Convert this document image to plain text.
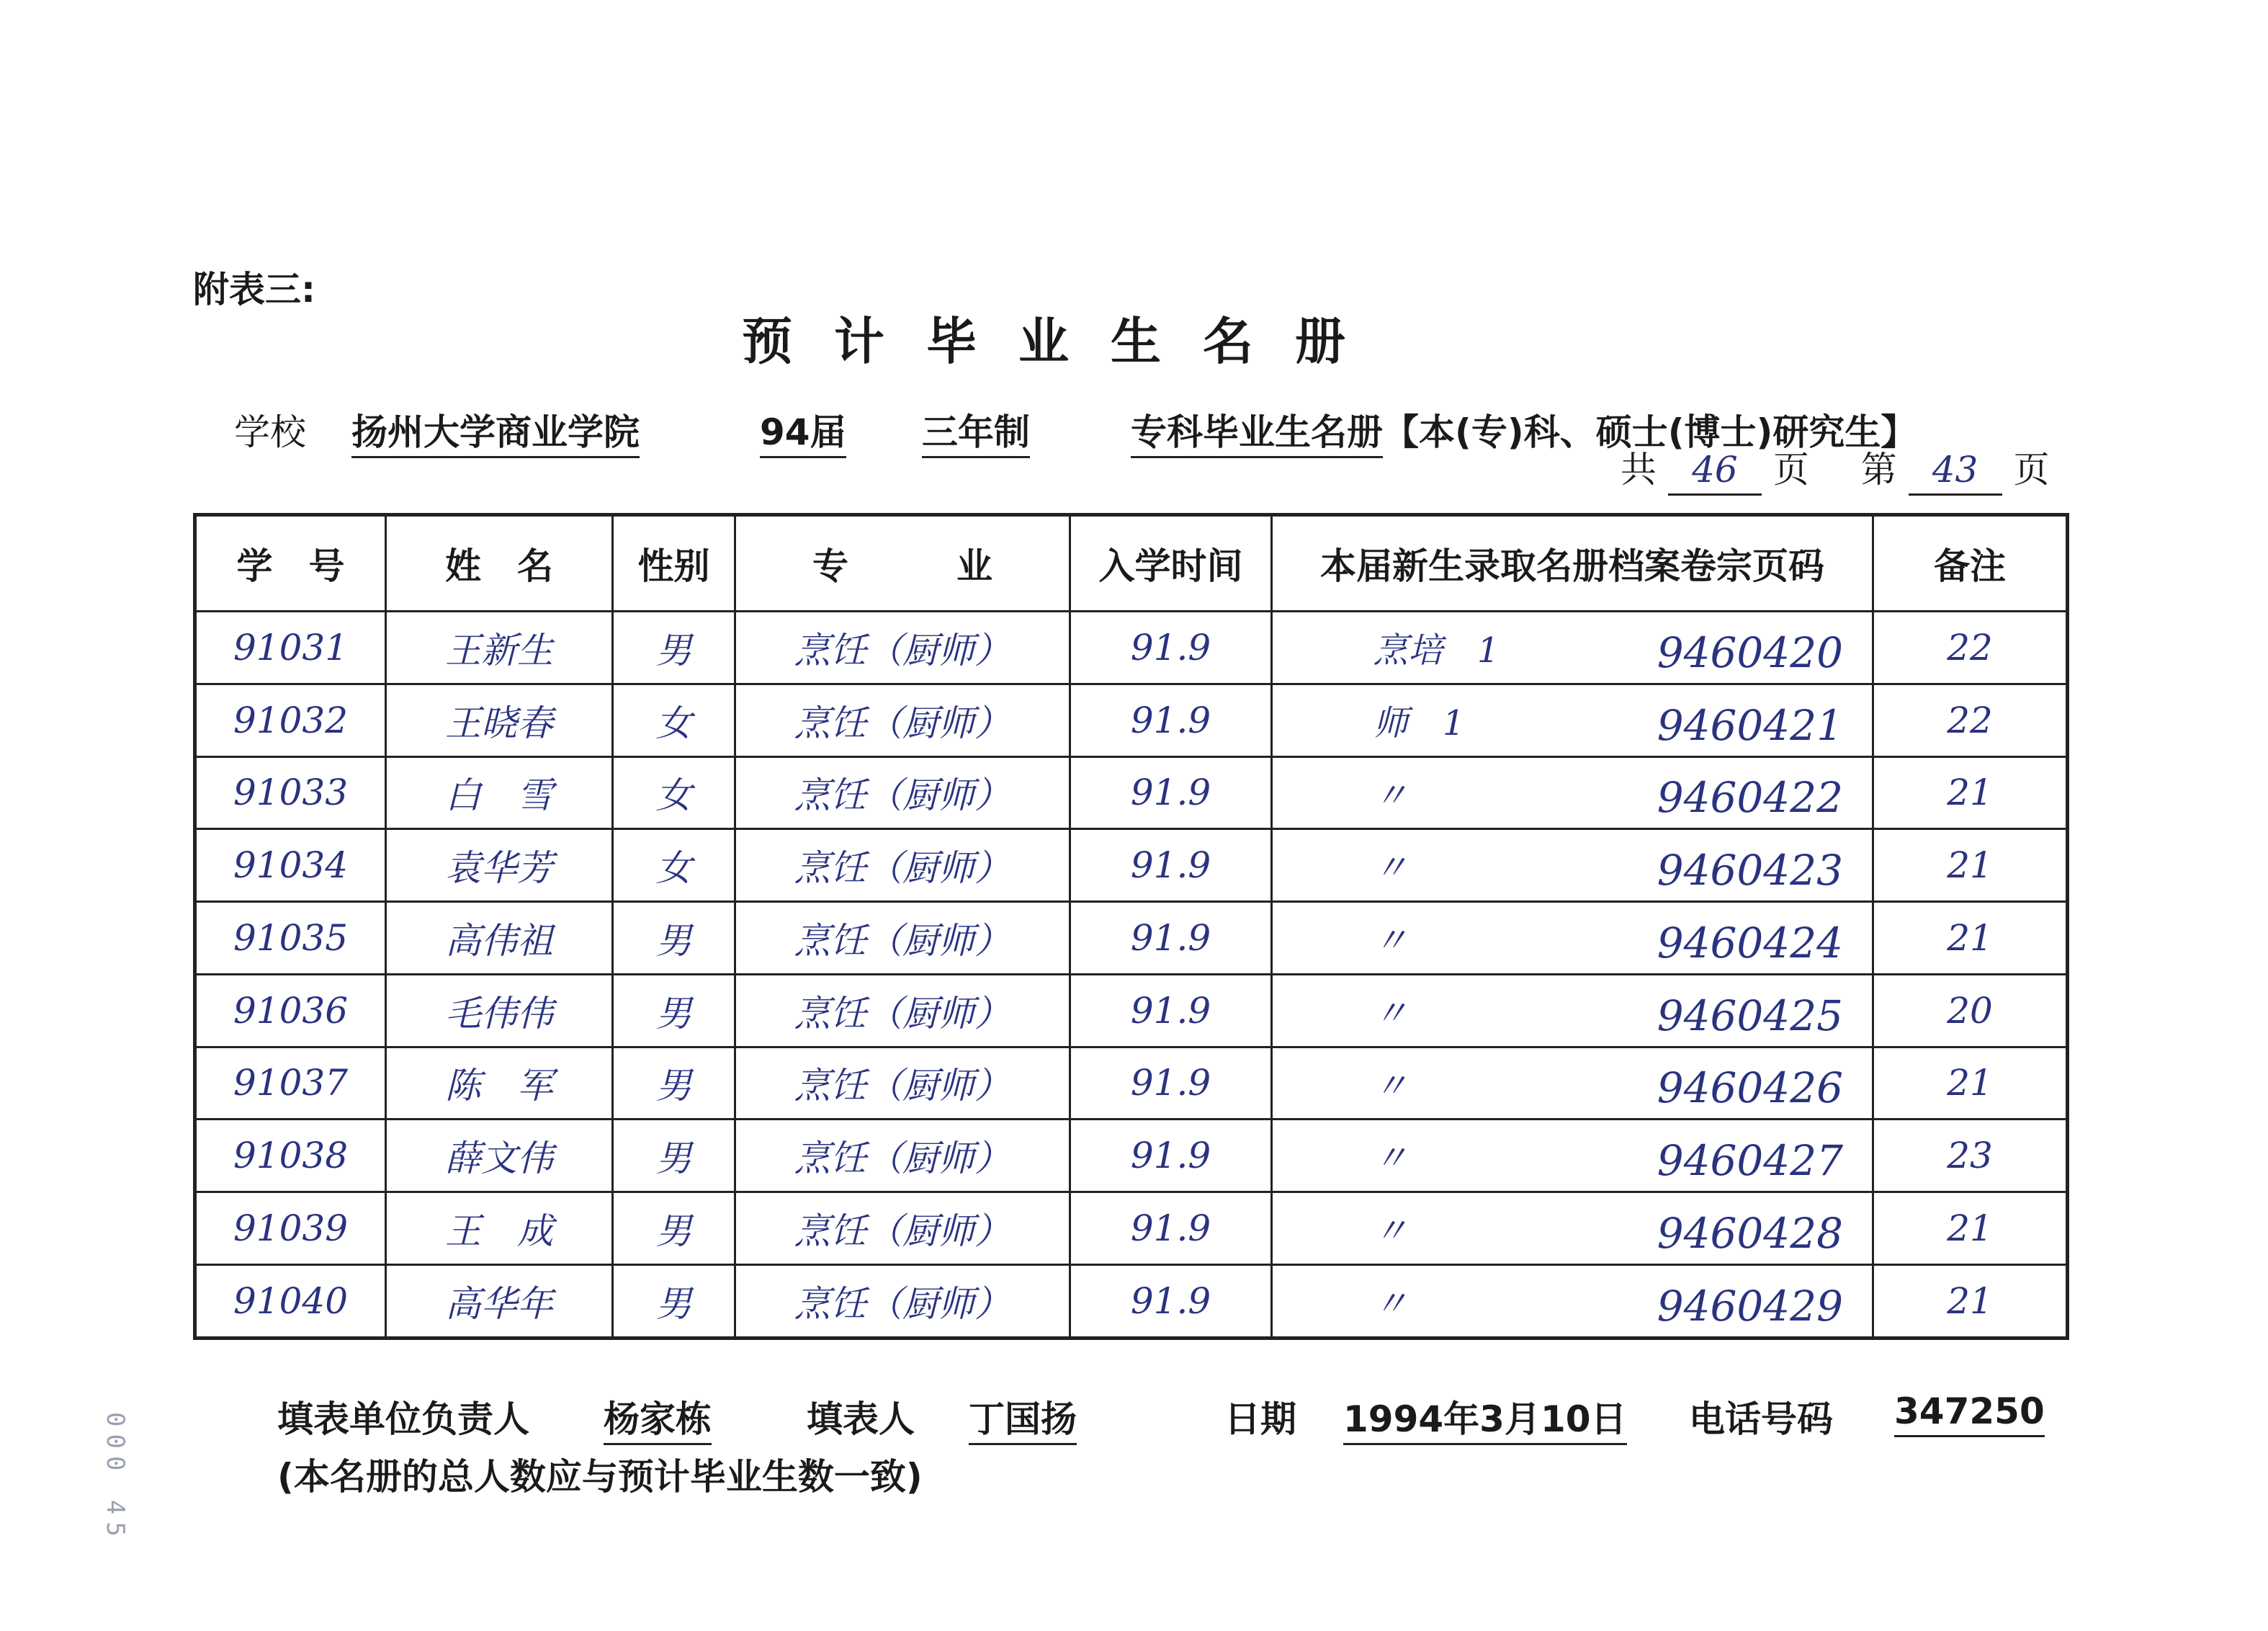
附表三:
预计毕业生名册
学校 扬州大学商业学院	94届 三年制	专科毕业生名册【本(专)科、硕士(博士)研究生】
共 46 页 第 43 页
学　号	姓　名	性别	专　　　业	入学时间	本届新生录取名册档案卷宗页码	备注
91031	王新生	男	烹饪（厨师）	91.9	烹培　1 9460420	22
91032	王晓春	女	烹饪（厨师）	91.9	师　1 9460421	22
91033	白　雪	女	烹饪（厨师）	91.9	〃 9460422	21
91034	袁华芳	女	烹饪（厨师）	91.9	〃 9460423	21
91035	高伟祖	男	烹饪（厨师）	91.9	〃 9460424	21
91036	毛伟伟	男	烹饪（厨师）	91.9	〃 9460425	20
91037	陈　军	男	烹饪（厨师）	91.9	〃 9460426	21
91038	薛文伟	男	烹饪（厨师）	91.9	〃 9460427	23
91039	王　成	男	烹饪（厨师）	91.9	〃 9460428	21
91040	高华年	男	烹饪（厨师）	91.9	〃 9460429	21
填表单位负责人 杨家栋	填表人 丁国扬	日期 1994年3月10日 电话号码 347250
(本名册的总人数应与预计毕业生数一致)
000 45
